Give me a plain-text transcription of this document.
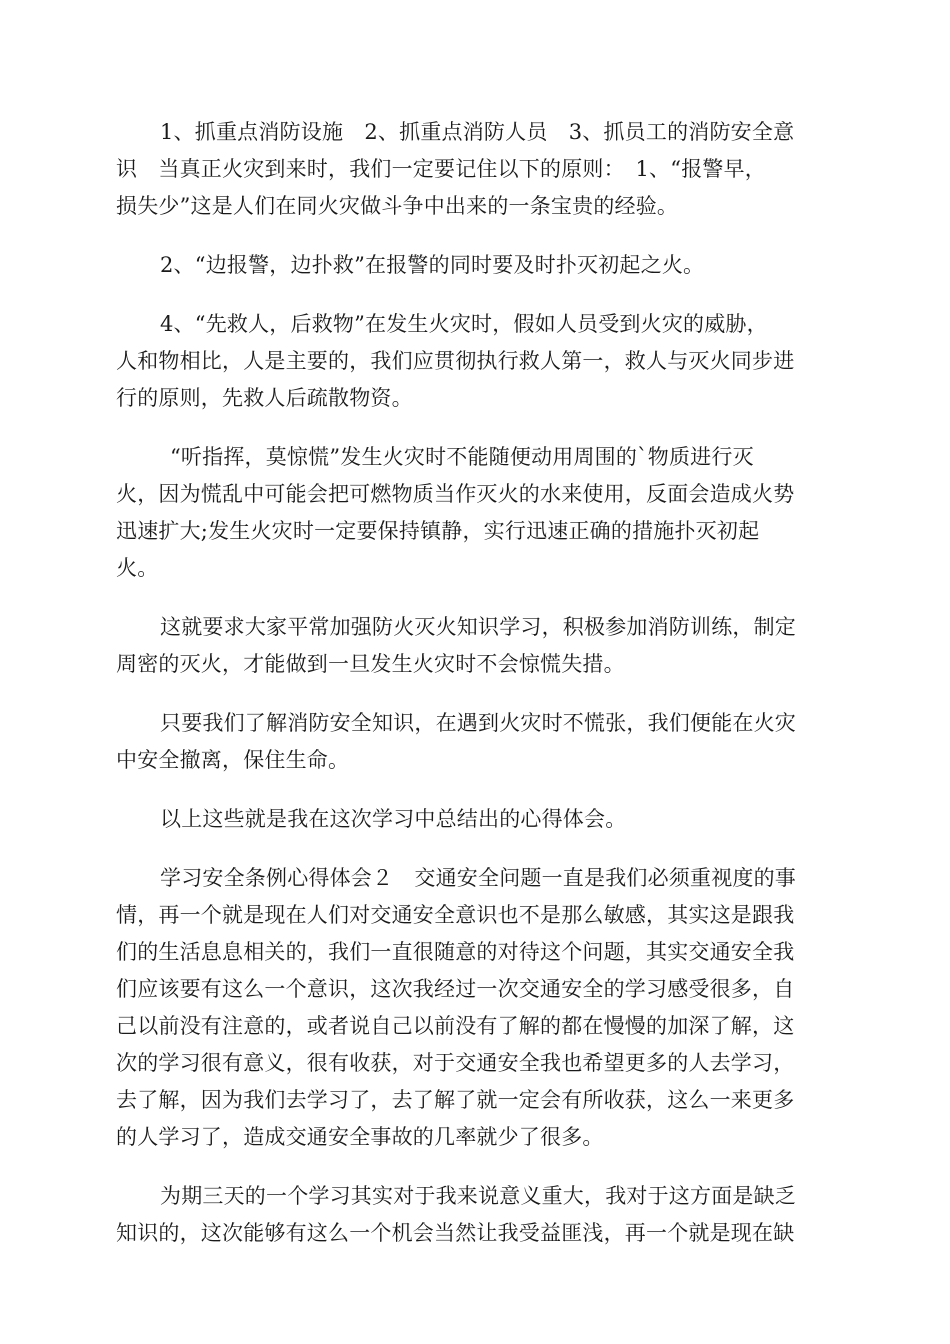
1、抓重点消防设施　2、抓重点消防人员　3、抓员工的消防安全意
识　当真正火灾到来时，我们一定要记住以下的原则：　1、“报警早，
损失少”这是人们在同火灾做斗争中出来的一条宝贵的经验。

2、“边报警，边扑救”在报警的同时要及时扑灭初起之火。

4、“先救人，后救物”在发生火灾时，假如人员受到火灾的威胁，
人和物相比，人是主要的，我们应贯彻执行救人第一，救人与灭火同步进
行的原则，先救人后疏散物资。

“听指挥，莫惊慌”发生火灾时不能随便动用周围的`物质进行灭
火，因为慌乱中可能会把可燃物质当作灭火的水来使用，反面会造成火势
迅速扩大;发生火灾时一定要保持镇静，实行迅速正确的措施扑灭初起
火。

这就要求大家平常加强防火灭火知识学习，积极参加消防训练，制定
周密的灭火，才能做到一旦发生火灾时不会惊慌失措。

只要我们了解消防安全知识，在遇到火灾时不慌张，我们便能在火灾
中安全撤离，保住生命。

以上这些就是我在这次学习中总结出的心得体会。

学习安全条例心得体会２　交通安全问题一直是我们必须重视度的事
情，再一个就是现在人们对交通安全意识也不是那么敏感，其实这是跟我
们的生活息息相关的，我们一直很随意的对待这个问题，其实交通安全我
们应该要有这么一个意识，这次我经过一次交通安全的学习感受很多，自
己以前没有注意的，或者说自己以前没有了解的都在慢慢的加深了解，这
次的学习很有意义，很有收获，对于交通安全我也希望更多的人去学习，
去了解，因为我们去学习了，去了解了就一定会有所收获，这么一来更多
的人学习了，造成交通安全事故的几率就少了很多。

为期三天的一个学习其实对于我来说意义重大，我对于这方面是缺乏
知识的，这次能够有这么一个机会当然让我受益匪浅，再一个就是现在缺
